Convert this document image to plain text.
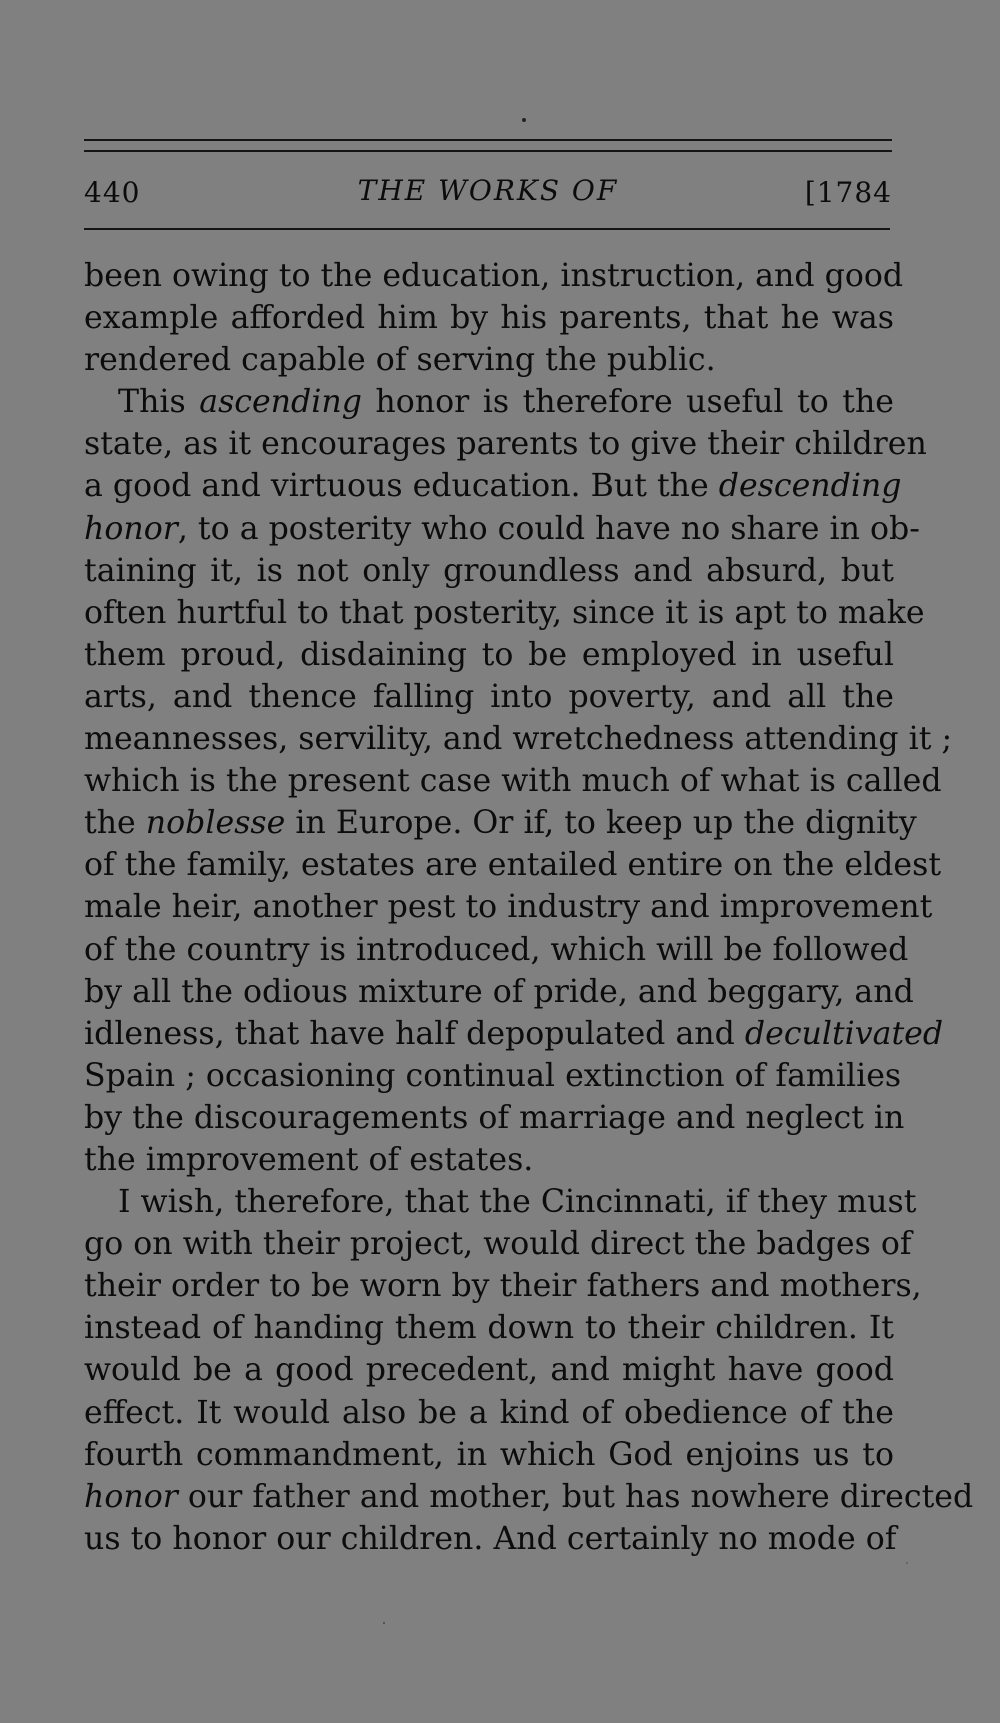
440	THE WORKS OF	[1784
been owing to the education, instruction, and good
example afforded him by his parents, that he was
rendered capable of serving the public.
This ascending honor is therefore useful to the
state, as it encourages parents to give their children
a good and virtuous education. But the descending
honor, to a posterity who could have no share in ob-
taining it, is not only groundless and absurd, but
often hurtful to that posterity, since it is apt to make
them proud, disdaining to be employed in useful
arts, and thence falling into poverty, and all the
meannesses, servility, and wretchedness attending it ;
which is the present case with much of what is called
the noblesse in Europe. Or if, to keep up the dignity
of the family, estates are entailed entire on the eldest
male heir, another pest to industry and improvement
of the country is introduced, which will be followed
by all the odious mixture of pride, and beggary, and
idleness, that have half depopulated and decultivated
Spain ; occasioning continual extinction of families
by the discouragements of marriage and neglect in
the improvement of estates.
I wish, therefore, that the Cincinnati, if they must
go on with their project, would direct the badges of
their order to be worn by their fathers and mothers,
instead of handing them down to their children. It
would be a good precedent, and might have good
effect. It would also be a kind of obedience of the
fourth commandment, in which God enjoins us to
honor our father and mother, but has nowhere directed
us to honor our children. And certainly no mode of
